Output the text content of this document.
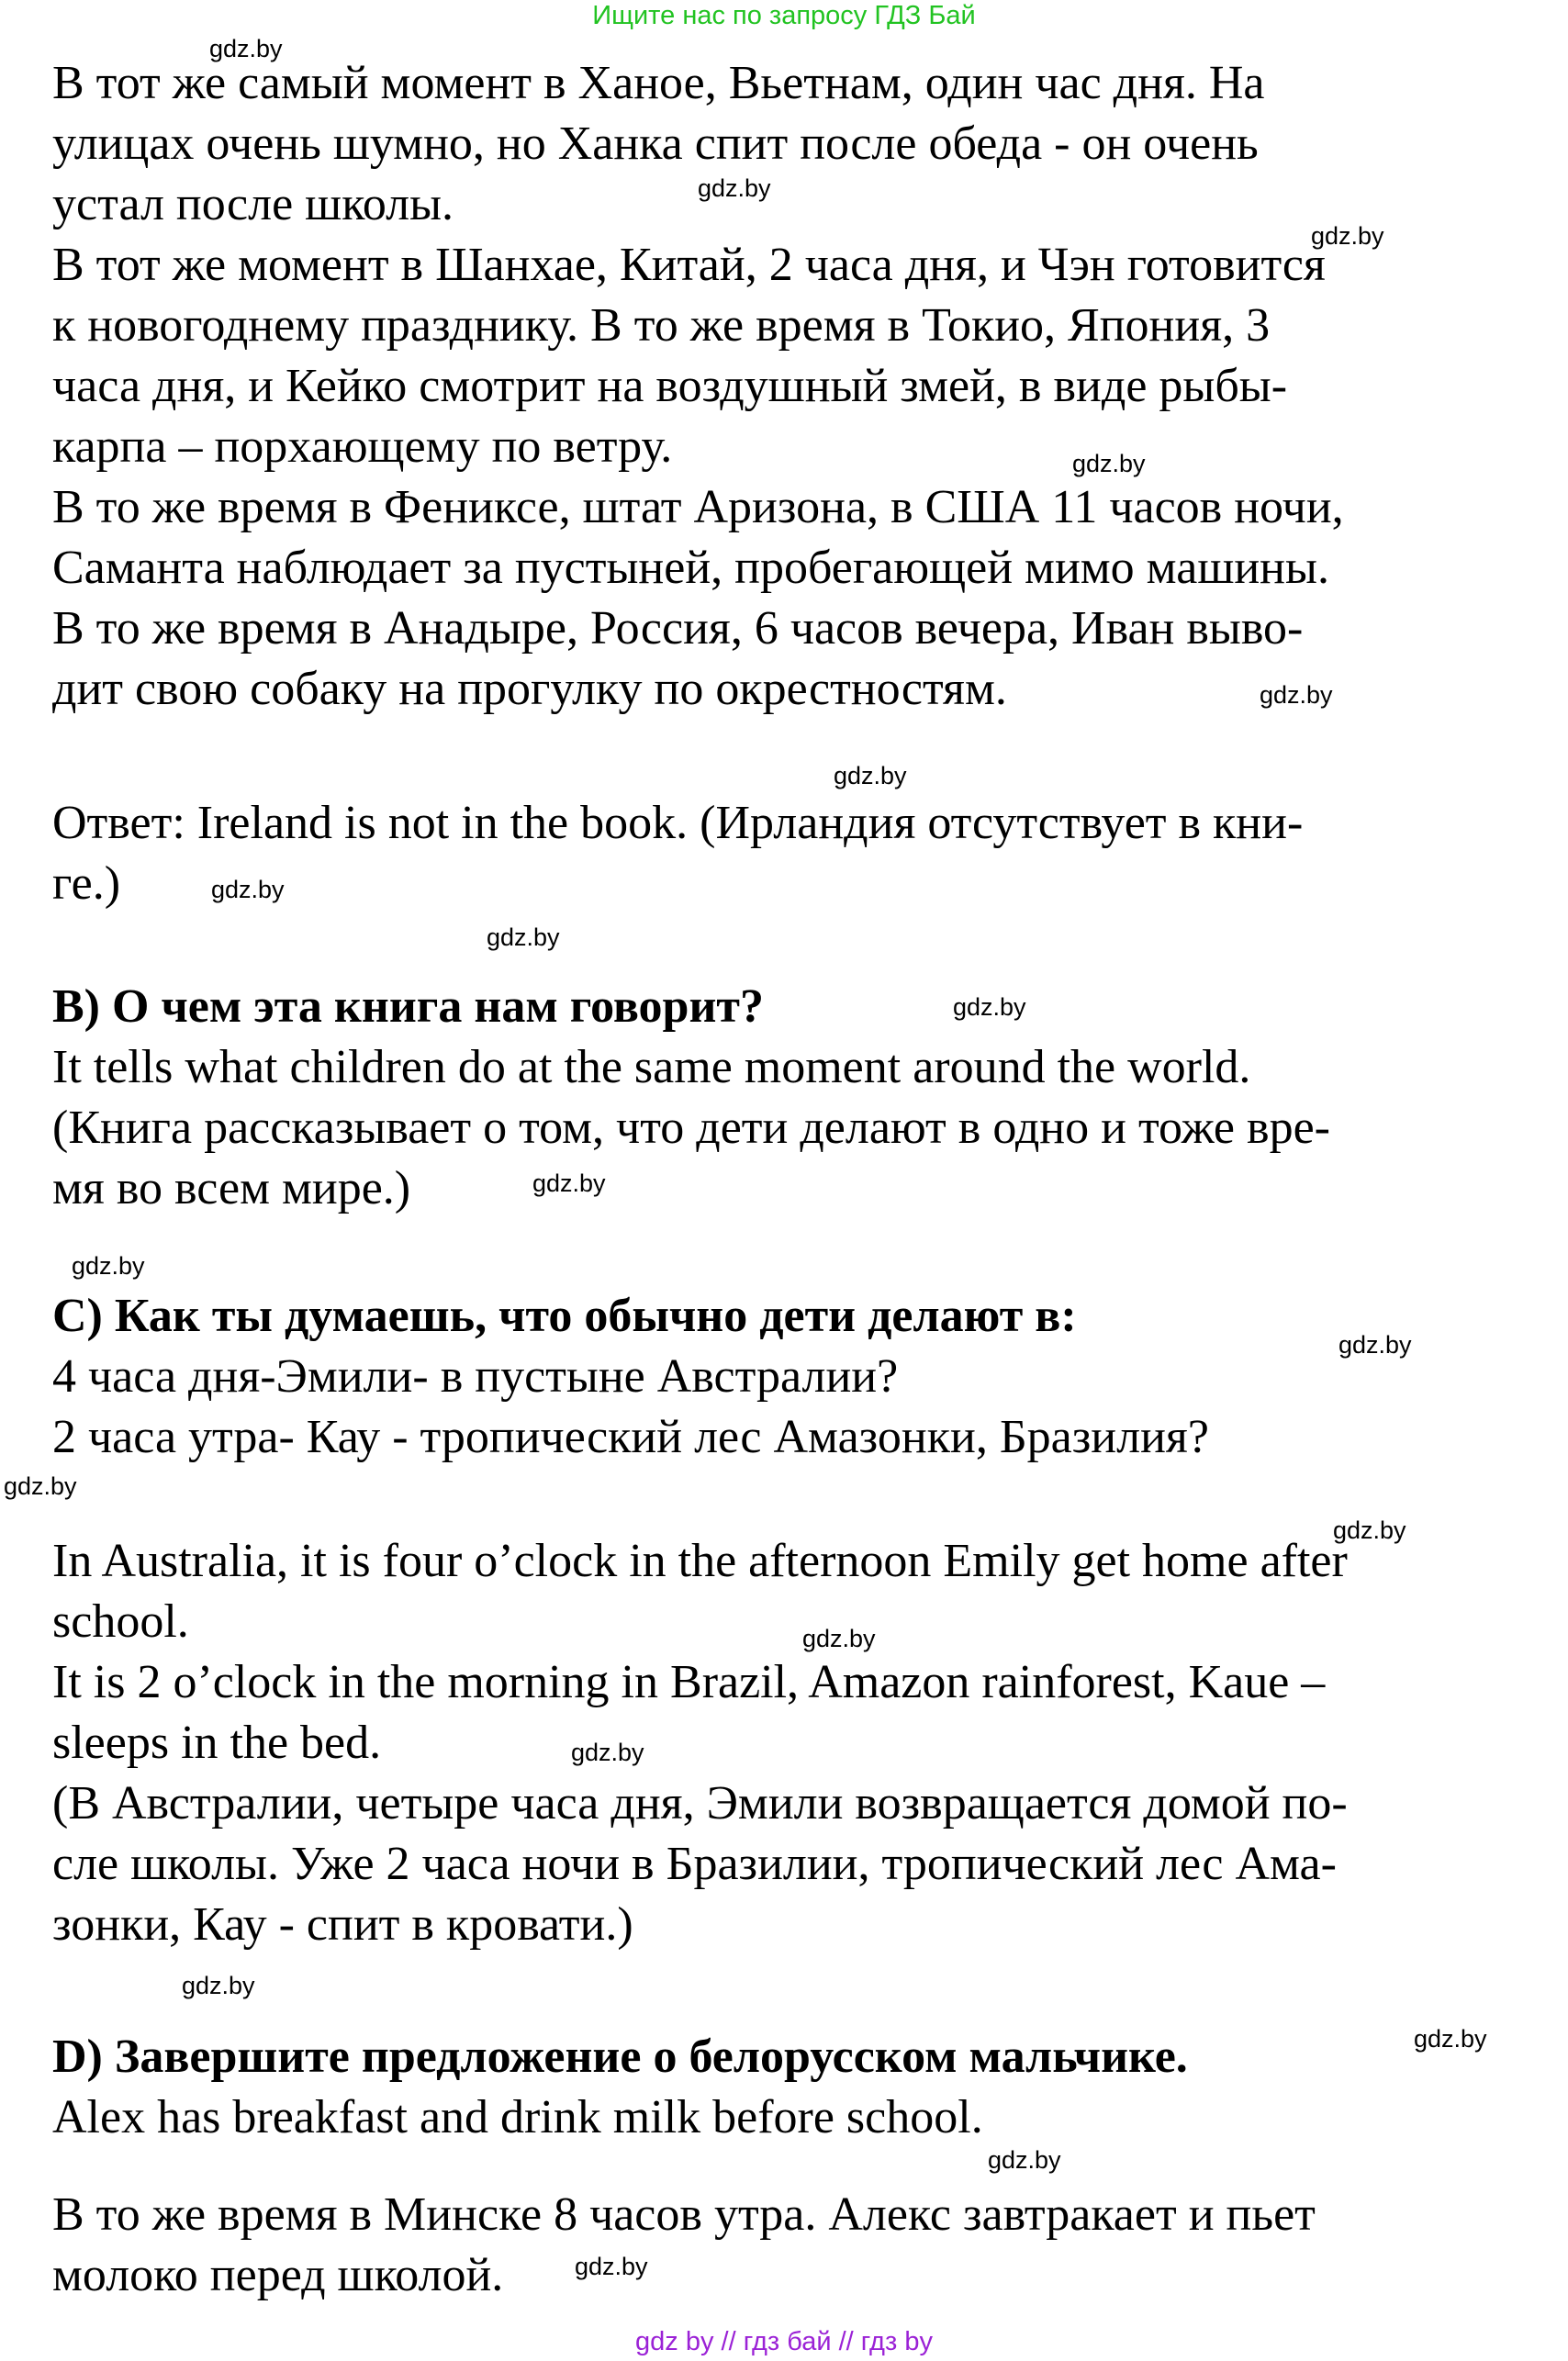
Ищите нас по запросу ГДЗ Бай
В тот же самый момент в Ханое, Вьетнам, один час дня. На
улицах очень шумно, но Ханка спит после обеда - он очень
устал после школы.
В тот же момент в Шанхае, Китай, 2 часа дня, и Чэн готовится
к новогоднему празднику. В то же время в Токио, Япония, 3
часа дня, и Кейко смотрит на воздушный змей, в виде рыбы-
карпа – порхающему по ветру.
В то же время в Фениксе, штат Аризона, в США 11 часов ночи,
Саманта наблюдает за пустыней, пробегающей мимо машины.
В то же время в Анадыре, Россия, 6 часов вечера, Иван выво-
дит свою собаку на прогулку по окрестностям.
Ответ: Ireland is not in the book. (Ирландия отсутствует в кни-
ге.)
B) О чем эта книга нам говорит?
It tells what children do at the same moment around the world.
(Книга рассказывает о том, что дети делают в одно и тоже вре-
мя во всем мире.)
C) Как ты думаешь, что обычно дети делают в:
4 часа дня-Эмили- в пустыне Австралии?
2 часа утра- Кау - тропический лес Амазонки, Бразилия?
In Australia, it is four o’clock in the afternoon Emily get home after
school.
It is 2 o’clock in the morning in Brazil, Amazon rainforest, Kaue –
sleeps in the bed.
(В Австралии, четыре часа дня, Эмили возвращается домой по-
сле школы. Уже 2 часа ночи в Бразилии, тропический лес Ама-
зонки, Кау - спит в кровати.)
D) Завершите предложение о белорусском мальчике.
Alex has breakfast and drink milk before school.
В то же время в Минске 8 часов утра. Алекс завтракает и пьет
молоко перед школой.
gdz.by
gdz.by
gdz.by
gdz.by
gdz.by
gdz.by
gdz.by
gdz.by
gdz.by
gdz.by
gdz.by
gdz.by
gdz.by
gdz.by
gdz.by
gdz.by
gdz.by
gdz.by
gdz.by
gdz.by
gdz by // гдз бай // гдз by
